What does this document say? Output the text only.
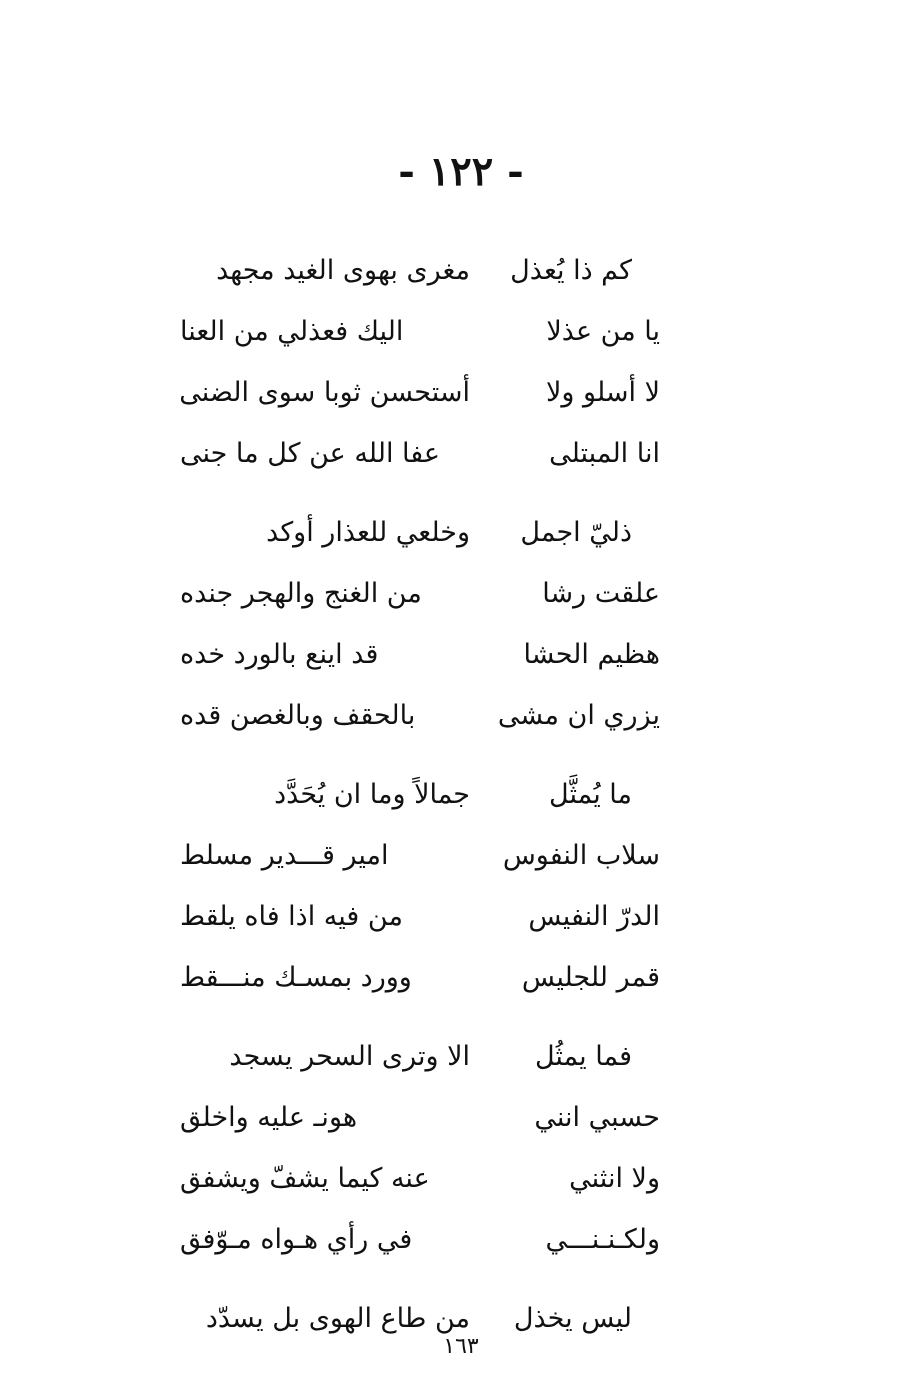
- ١٢٢ -
كم ذا يُعذل
مغرى بهوى الغيد مجهد
يا من عذلا
اليك فعذلي من العنا
لا أسلو ولا
أستحسن ثوبا سوى الضنى
انا المبتلى
عفا الله عن كل ما جنى
ذليّ اجمل
وخلعي للعذار أوكد
علقت رشا
من الغنج والهجر جنده
هظيم الحشا
قد اينع بالورد خده
يزري ان مشى
بالحقف وبالغصن قده
ما يُمثَّل
جمالاً وما ان يُحَدَّد
سلاب النفوس
امير قـــدير مسلط
الدرّ النفيس
من فيه اذا فاه يلقط
قمر للجليس
وورد بمسـك منـــقط
فما يمثُل
الا وترى السحر يسجد
حسبي انني
هونـ عليه واخلق
ولا انثني
عنه كيما يشفّ ويشفق
ولكـنـنـــي
في رأي هـواه مـوّفق
ليس يخذل
من طاع الهوى بل يسدّد
١٦٣
